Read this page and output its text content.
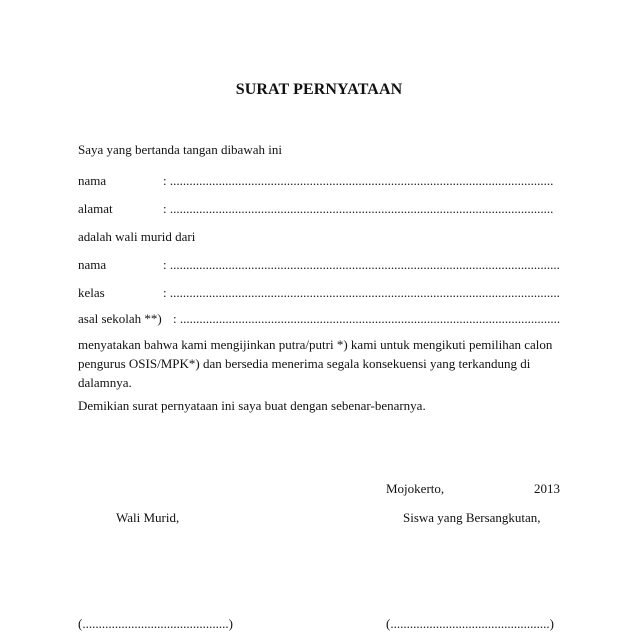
SURAT PERNYATAAN
Saya yang bertanda tangan dibawah ini
nama	: ......................................................................................................................
alamat	: ......................................................................................................................
adalah wali murid dari
nama	: ........................................................................................................................
kelas	: ........................................................................................................................
asal sekolah **) : .....................................................................................................................
menyatakan bahwa kami mengijinkan putra/putri *) kami untuk mengikuti pemilihan calon pengurus OSIS/MPK*) dan bersedia menerima segala konsekuensi yang terkandung di dalamnya.
Demikian surat pernyataan ini saya buat dengan sebenar-benarnya.
Mojokerto,	2013
Wali Murid,	Siswa yang Bersangkutan,
(.............................................)	(.................................................)
